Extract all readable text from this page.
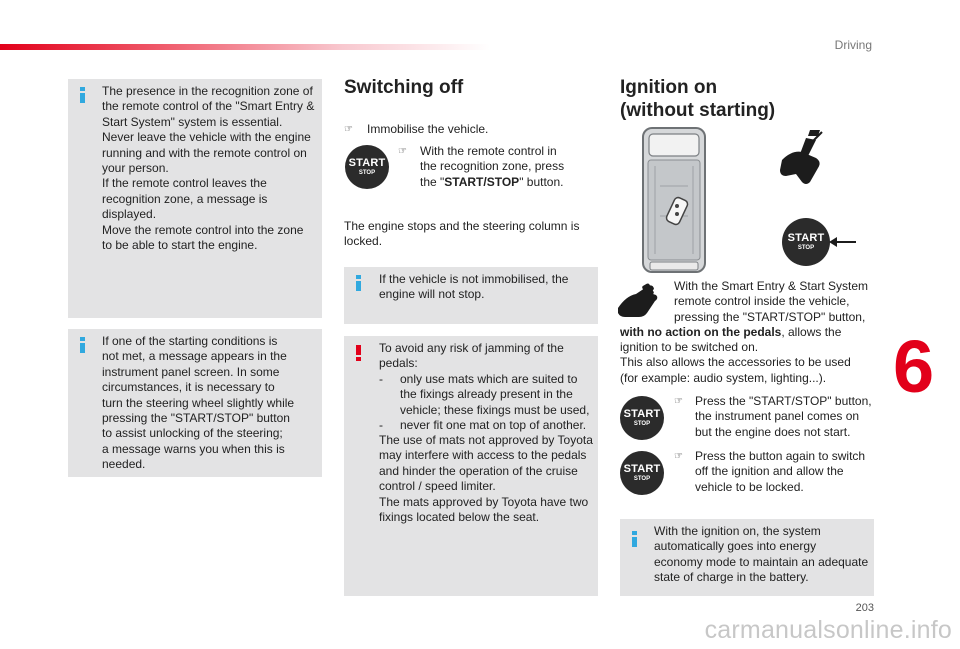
Driving
6
203
carmanualsonline.info
The presence in the recognition zone of
the remote control of the "Smart Entry &
Start System" system is essential.
Never leave the vehicle with the engine
running and with the remote control on
your person.
If the remote control leaves the
recognition zone, a message is
displayed.
Move the remote control into the zone
to be able to start the engine.
If one of the starting conditions is
not met, a message appears in the
instrument panel screen. In some
circumstances, it is necessary to
turn the steering wheel slightly while
pressing the "START/STOP" button
to assist unlocking of the steering;
a message warns you when this is
needed.
Switching off
☞	Immobilise the vehicle.
START
STOP
☞	With the remote control in
the recognition zone, press
the "START/STOP" button.
The engine stops and the steering column is
locked.
If the vehicle is not immobilised, the
engine will not stop.
To avoid any risk of jamming of the
pedals:
- only use mats which are suited to
the fixings already present in the
vehicle; these fixings must be used,
- never fit one mat on top of another.
The use of mats not approved by Toyota
may interfere with access to the pedals
and hinder the operation of the cruise
control / speed limiter.
The mats approved by Toyota have two
fixings located below the seat.
Ignition on
(without starting)
START
STOP
With the Smart Entry & Start System
remote control inside the vehicle,
pressing the "START/STOP" button,
with no action on the pedals, allows the
ignition to be switched on.
This also allows the accessories to be used
(for example: audio system, lighting...).
START
STOP
☞	Press the "START/STOP" button,
the instrument panel comes on
but the engine does not start.
START
STOP
☞	Press the button again to switch
off the ignition and allow the
vehicle to be locked.
With the ignition on, the system
automatically goes into energy
economy mode to maintain an adequate
state of charge in the battery.
